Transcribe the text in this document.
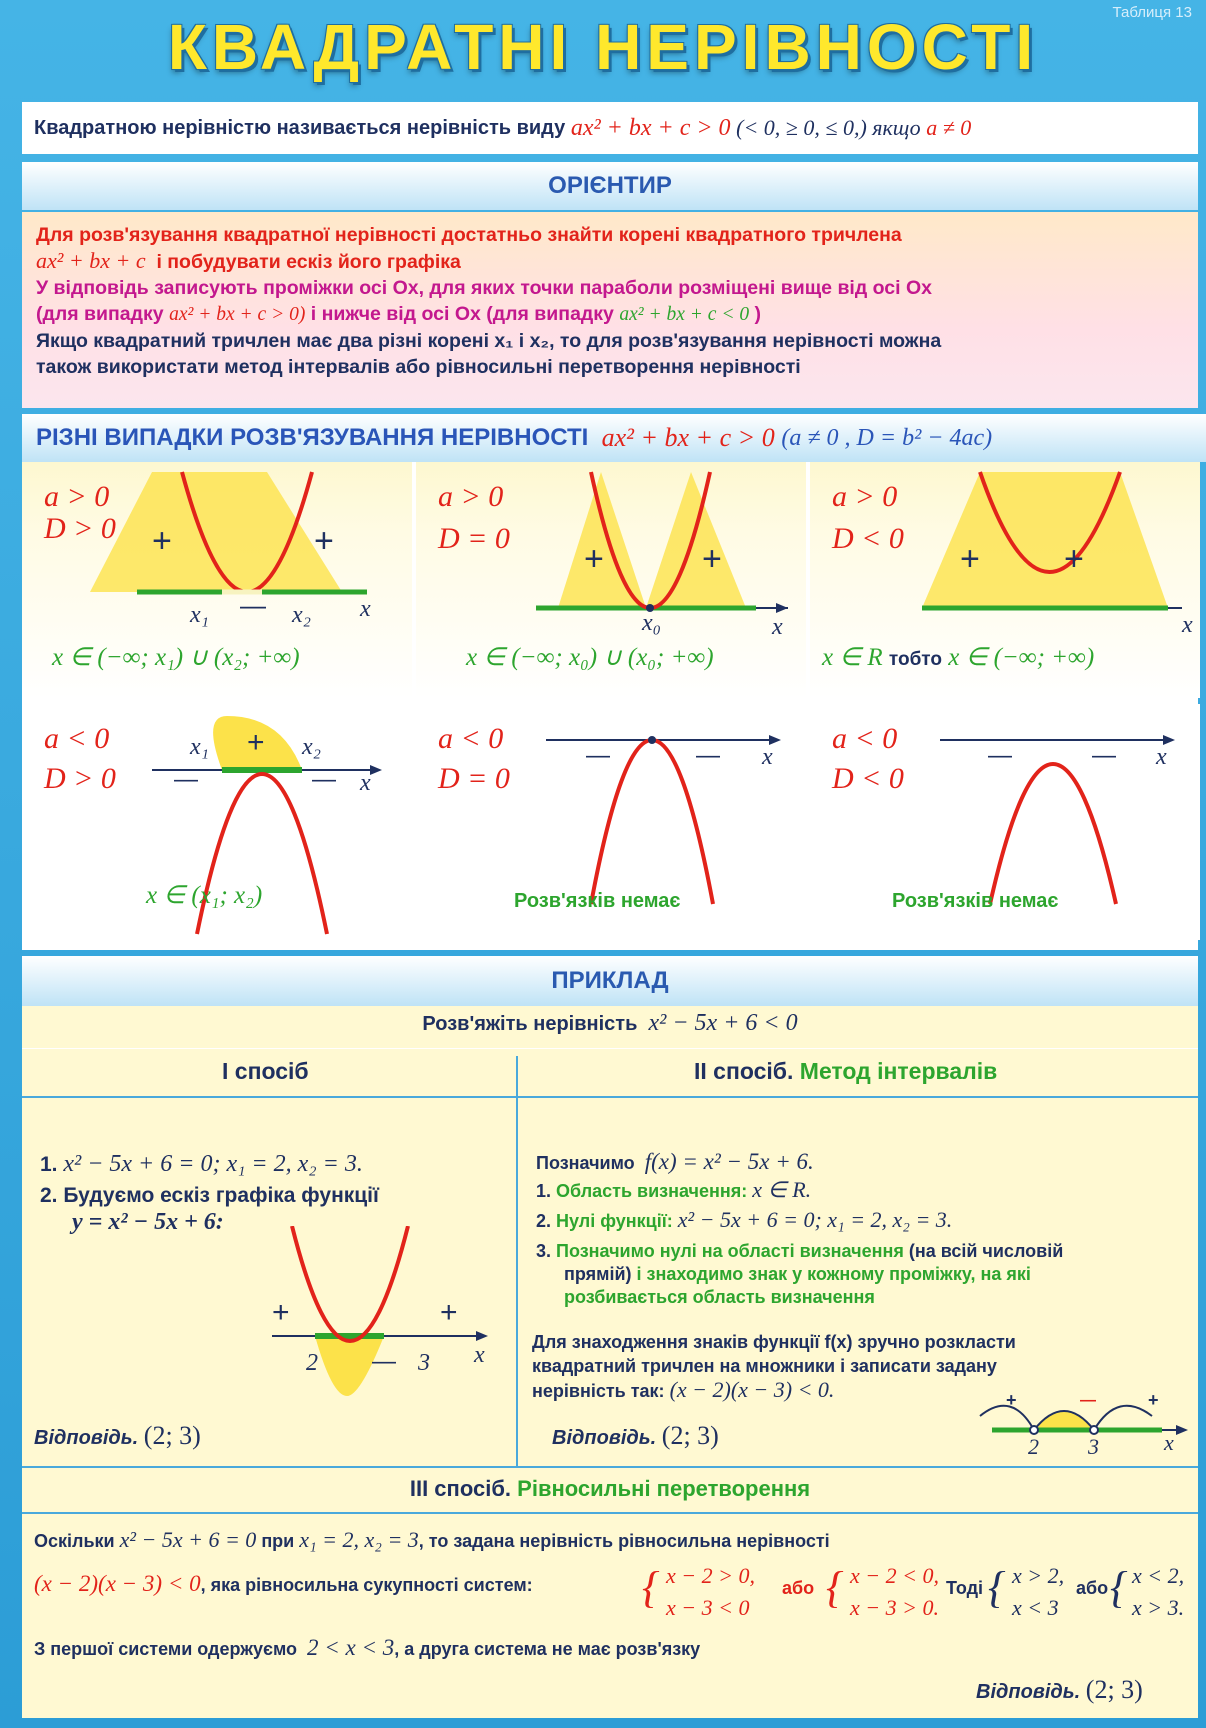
Таблиця 13
КВАДРАТНІ НЕРІВНОСТІ
Квадратною нерівністю називається нерівність виду
ax² + bx + c > 0
(< 0, ≥ 0, ≤ 0,) якщо
a ≠ 0
ОРІЄНТИР

Для розв'язування квадратної нерівності достатньо знайти корені квадратного тричлена

ax² + bx + c і побудувати ескіз його графіка

У відповідь записують проміжки осі Ox, для яких точки параболи розміщені вище від осі Ox

(для випадку ax² + bx + c > 0) і нижче від осі Ox (для випадку ax² + bx + c < 0 )

Якщо квадратний тричлен має два різні корені x₁ і x₂, то для розв'язування нерівності можна

також використати метод інтервалів або рівносильні перетворення нерівності

РІЗНІ ВИПАДКИ РОЗВ'ЯЗУВАННЯ НЕРІВНОСТІ
ax² + bx + c > 0
(a ≠ 0 , D = b² − 4ac)
a > 0
D > 0 +	+
—
x₁	x₂ x
x ∈ (−∞; x₁) ∪ (x₂; +∞)
a > 0
D = 0
+	+
x₀	x
x ∈ (−∞; x₀) ∪ (x₀; +∞)
a > 0
D < 0
+ +
x
x ∈ R тобто x ∈ (−∞; +∞)
a < 0
D > 0
+
—	—
x₁	x₂
x
x ∈ (x₁; x₂)
a < 0
D = 0
—	— x
Розв'язків немає
a < 0
D < 0
—	— x
Розв'язків немає
ПРИКЛАД
Розв'яжіть нерівність x² − 5x + 6 < 0
І спосіб
1. x² − 5x + 6 = 0; x₁ = 2, x₂ = 3.
2. Будуємо ескіз графіка функції
y = x² − 5x + 6:
+	+
—
2	3 x
Відповідь. (2; 3)
ІІ спосіб. Метод інтервалів
Позначимо f(x) = x² − 5x + 6.
1. Область визначення: x ∈ R.
2. Нулі функції: x² − 5x + 6 = 0; x₁ = 2, x₂ = 3.
3. Позначимо нулі на області визначення (на всій числовій
прямій) і знаходимо знак у кожному проміжку, на які
розбивається область визначення
Для знаходження знаків функції f(x) зручно розкласти
квадратний тричлен на множники і записати задану
нерівність так: (x − 2)(x − 3) < 0.	+	—	+
2 3	x
Відповідь. (2; 3)
ІІІ спосіб. Рівносильні перетворення
Оскільки x² − 5x + 6 = 0 при x₁ = 2, x₂ = 3, то задана нерівність рівносильна нерівності
(x − 2)(x − 3) < 0, яка рівносильна сукупності систем: { x − 2 > 0,
x − 3 < 0
або { x − 2 < 0,
x − 3 > 0.
Тоді { x > 2,
x < 3
або { x < 2,
x > 3.
З першої системи одержуємо 2 < x < 3, а друга система не має розв'язку
Відповідь. (2; 3)
